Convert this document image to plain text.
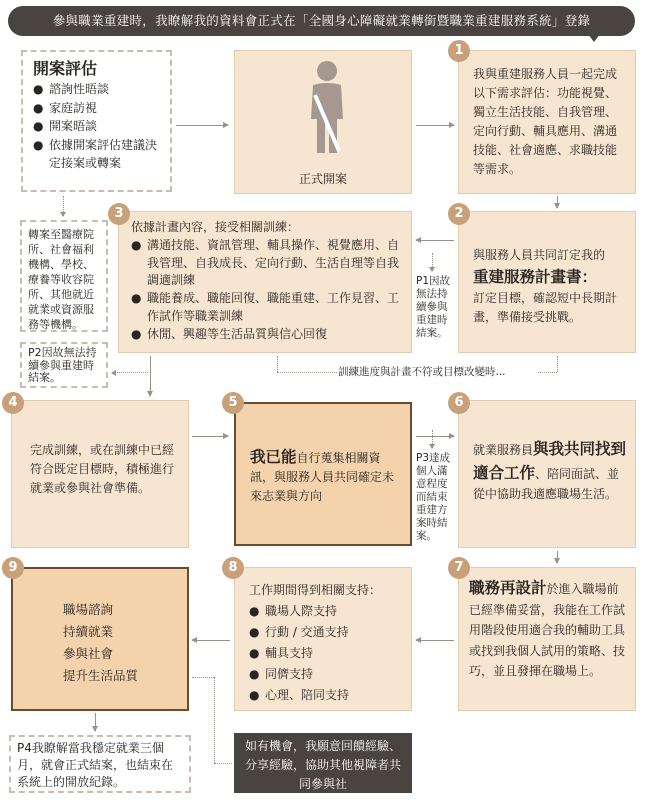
參與職業重建時，我瞭解我的資料會正式在「全國身心障礙就業轉銜暨職業重建服務系統」登錄
開案評估
● 諮詢性晤談
● 家庭訪視
● 開案晤談
● 依據開案評估建議決定接案或轉案
正式開案
我與重建服務人員一起完成以下需求評估：功能視覺、獨立生活技能、自我管理、定向行動、輔具應用、溝通技能、社會適應、求職技能等需求。
1
轉案至醫療院所、社會福利機構、學校、療養等收容院所、其他就近就業或資源服務等機構。
依據計畫內容，接受相關訓練：
● 溝通技能、資訊管理、輔具操作、視覺應用、自我管理、自我成長、定向行動、生活自理等自我調適訓練
● 職能養成、職能回復、職能重建、工作見習、工作試作等職業訓練
● 休閒、興趣等生活品質與信心回復
3
P1因故無法持續參與重建時結案。
與服務人員共同訂定我的
重建服務計畫書：
訂定目標，確認短中長期計畫，準備接受挑戰。
2
P2因故無法持續參與重建時結案。	訓練進度與計畫不符或目標改變時...
完成訓練，或在訓練中已經符合既定目標時，積極進行就業或參與社會準備。
4
我已能自行蒐集相關資訊，與服務人員共同確定未來志業與方向
5
P3達成個人滿意程度而結束重建方案時結案。
就業服務員與我共同找到適合工作、陪同面試、並從中協助我適應職場生活。
6
職場諮詢
持續就業
參與社會
提升生活品質
9
工作期間得到相關支持：
● 職場人際支持
● 行動 / 交通支持
● 輔具支持
● 同儕支持
● 心理、陪同支持
8
職務再設計於進入職場前已經準備妥當，我能在工作試用階段使用適合我的輔助工具或找到我個人試用的策略、技巧，並且發揮在職場上。
7
P4我瞭解當我穩定就業三個月，就會正式結案，也結束在系統上的開放紀錄。
如有機會，我願意回饋經驗、分享經驗，協助其他視障者共同參與社
